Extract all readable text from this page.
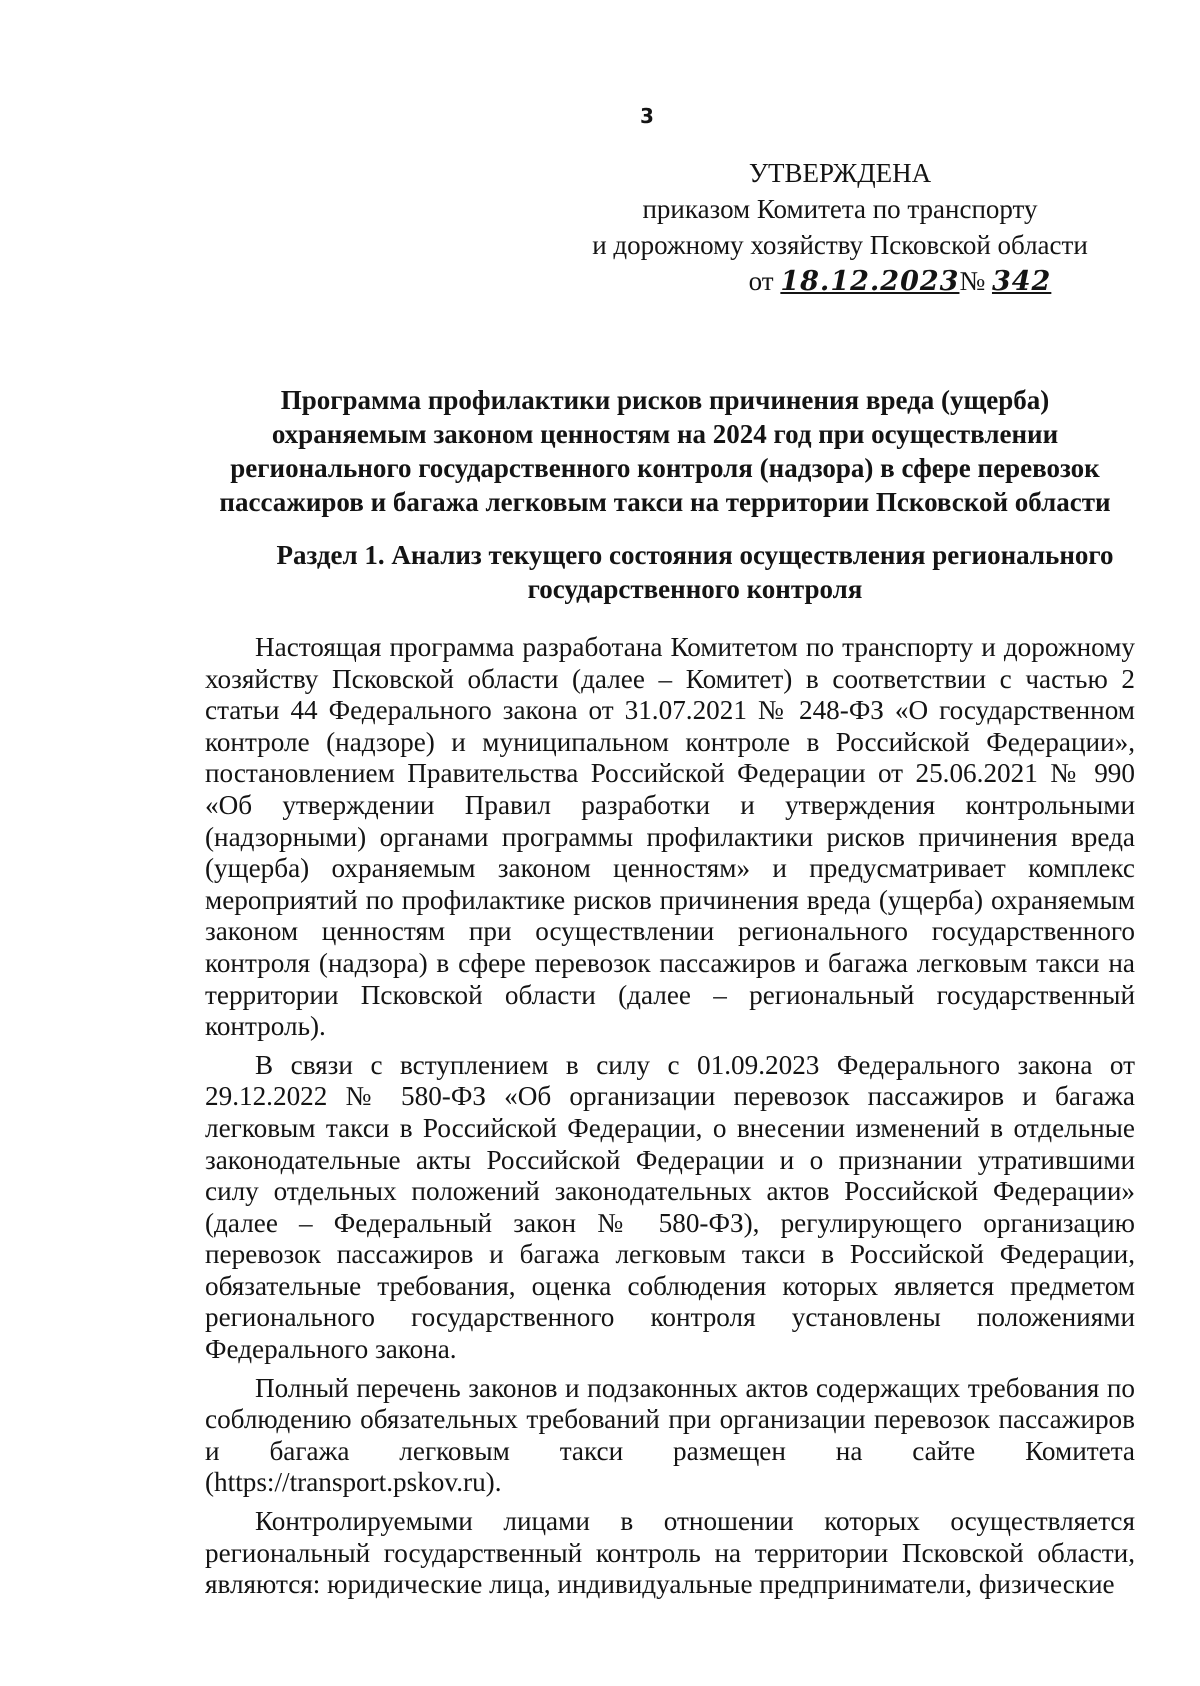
3
УТВЕРЖДЕНА
приказом Комитета по транспорту
и дорожному хозяйству Псковской области
от 18.12.2023№ 342
Программа профилактики рисков причинения вреда (ущерба)
охраняемым законом ценностям на 2024 год при осуществлении
регионального государственного контроля (надзора) в сфере перевозок
пассажиров и багажа легковым такси на территории Псковской области
Раздел 1. Анализ текущего состояния осуществления регионального
государственного контроля

Настоящая программа разработана Комитетом по транспорту и дорожному хозяйству Псковской области (далее – Комитет) в соответствии с частью 2 статьи 44 Федерального закона от 31.07.2021 № 248-ФЗ «О государственном контроле (надзоре) и муниципальном контроле в Российской Федерации», постановлением Правительства Российской Федерации от 25.06.2021 № 990 «Об утверждении Правил разработки и утверждения контрольными (надзорными) органами программы профилактики рисков причинения вреда (ущерба) охраняемым законом ценностям» и предусматривает комплекс мероприятий по профилактике рисков причинения вреда (ущерба) охраняемым законом ценностям при осуществлении регионального государственного контроля (надзора) в сфере перевозок пассажиров и багажа легковым такси на территории Псковской области (далее – региональный государственный контроль).

В связи с вступлением в силу с 01.09.2023 Федерального закона от 29.12.2022 № 580-ФЗ «Об организации перевозок пассажиров и багажа легковым такси в Российской Федерации, о внесении изменений в отдельные законодательные акты Российской Федерации и о признании утратившими силу отдельных положений законодательных актов Российской Федерации» (далее – Федеральный закон № 580-ФЗ), регулирующего организацию перевозок пассажиров и багажа легковым такси в Российской Федерации, обязательные требования, оценка соблюдения которых является предметом регионального государственного контроля установлены положениями Федерального закона.

Полный перечень законов и подзаконных актов содержащих требования по соблюдению обязательных требований при организации перевозок пассажиров и багажа легковым такси размещен на сайте Комитета (https://transport.pskov.ru).

Контролируемыми лицами в отношении которых осуществляется региональный государственный контроль на территории Псковской области, являются: юридические лица, индивидуальные предприниматели, физические
